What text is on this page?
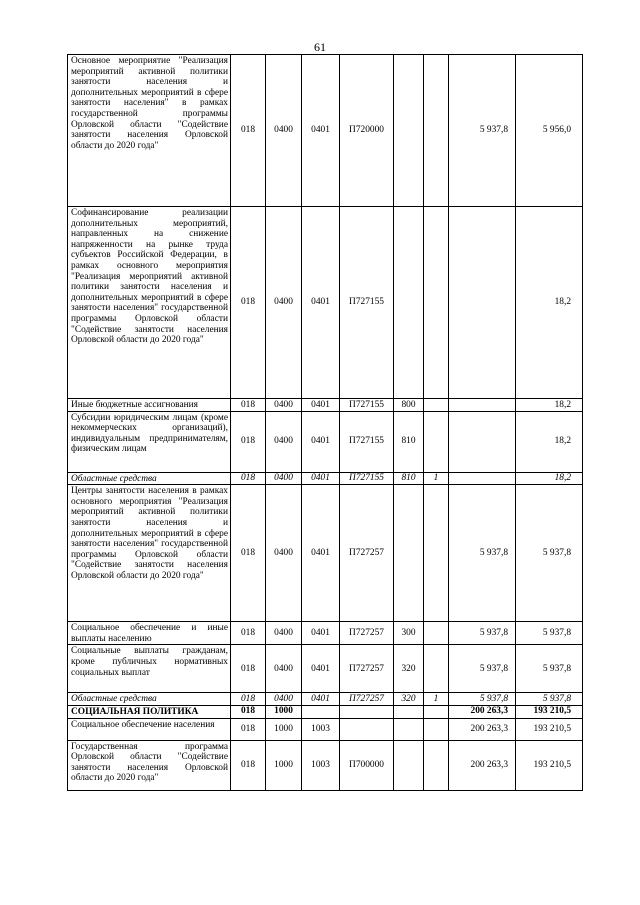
61
Основное мероприятие "Реализация мероприятий активной политики занятости населения и дополнительных мероприятий в сфере занятости населения" в рамках государственной программы Орловской области "Содействие занятости населения Орловской области до 2020 года"	018	0400	0401	П720000			5 937,8	5 956,0
Софинансирование реализации дополнительных мероприятий, направленных на снижение напряженности на рынке труда субъектов Российской Федерации, в рамках основного мероприятия "Реализация мероприятий активной политики занятости населения и дополнительных мероприятий в сфере занятости населения" государственной программы Орловской области "Содействие занятости населения Орловской области до 2020 года"	018	0400	0401	П727155				18,2
Иные бюджетные ассигнования	018	0400	0401	П727155	800			18,2
Субсидии юридическим лицам (кроме некоммерческих организаций), индивидуальным предпринимателям, физическим лицам	018	0400	0401	П727155	810			18,2
Областные средства	018	0400	0401	П727155	810	1		18,2
Центры занятости населения в рамках основного мероприятия "Реализация мероприятий активной политики занятости населения и дополнительных мероприятий в сфере занятости населения" государственной программы Орловской области "Содействие занятости населения Орловской области до 2020 года"	018	0400	0401	П727257			5 937,8	5 937,8
Социальное обеспечение и иные выплаты населению	018	0400	0401	П727257	300		5 937,8	5 937,8
Социальные выплаты гражданам, кроме публичных нормативных социальных выплат	018	0400	0401	П727257	320		5 937,8	5 937,8
Областные средства	018	0400	0401	П727257	320	1	5 937,8	5 937,8
СОЦИАЛЬНАЯ ПОЛИТИКА	018	1000					200 263,3	193 210,5
Социальное обеспечение населения	018	1000	1003				200 263,3	193 210,5
Государственная программа Орловской области "Содействие занятости населения Орловской области до 2020 года"	018	1000	1003	П700000			200 263,3	193 210,5
